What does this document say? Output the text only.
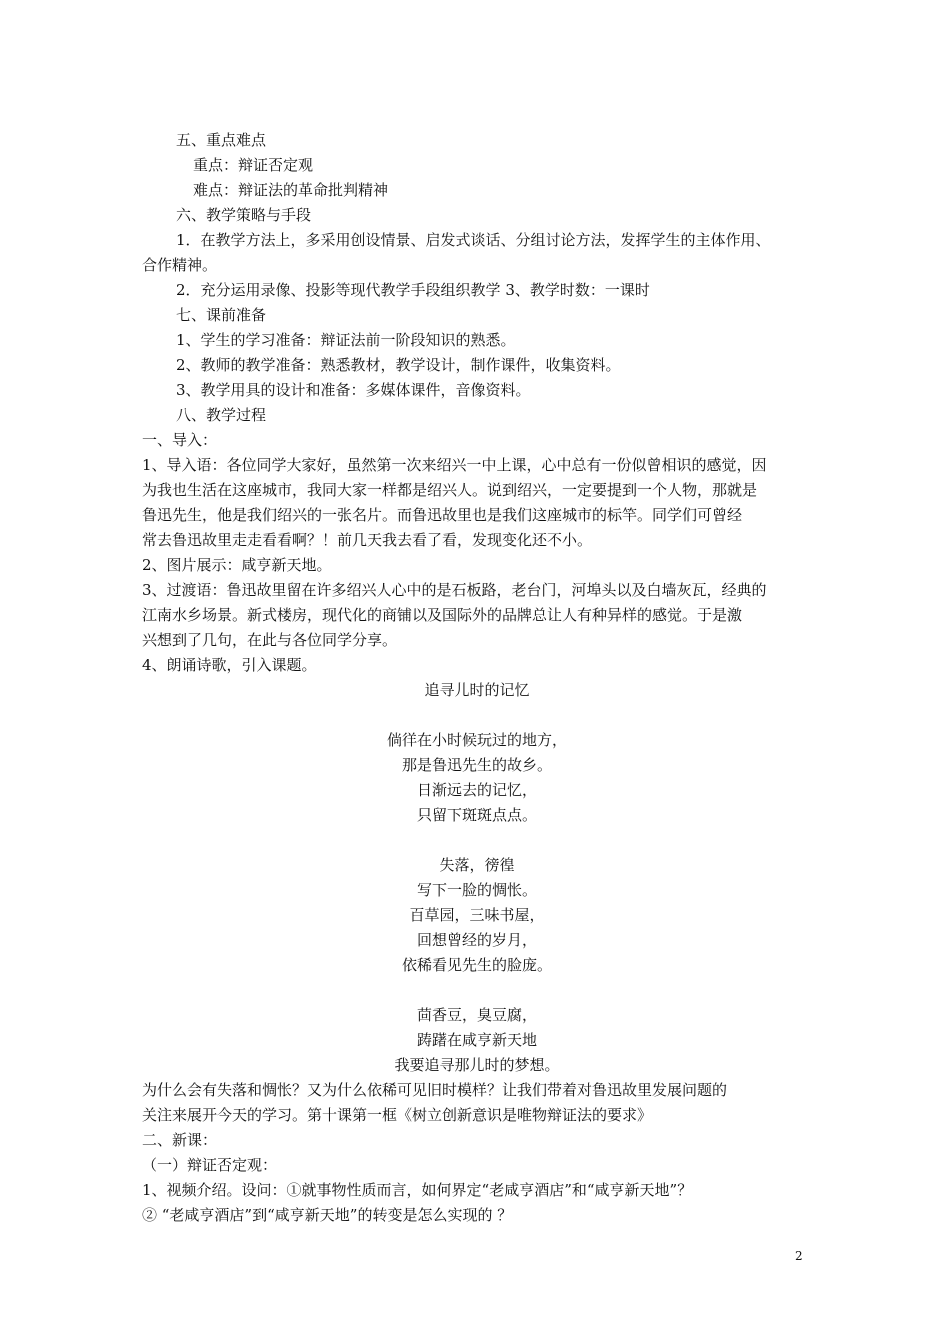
五、重点难点
重点：辩证否定观
难点：辩证法的革命批判精神
六、教学策略与手段
1．在教学方法上，多采用创设情景、启发式谈话、分组讨论方法，发挥学生的主体作用、
合作精神。
2．充分运用录像、投影等现代教学手段组织教学 3、教学时数：一课时
七、课前准备
1、学生的学习准备：辩证法前一阶段知识的熟悉。
2、教师的教学准备：熟悉教材，教学设计，制作课件，收集资料。
3、教学用具的设计和准备：多媒体课件，音像资料。
八、教学过程
一、导入：
1、导入语：各位同学大家好，虽然第一次来绍兴一中上课，心中总有一份似曾相识的感觉，因
为我也生活在这座城市，我同大家一样都是绍兴人。说到绍兴，一定要提到一个人物，那就是
鲁迅先生，他是我们绍兴的一张名片。而鲁迅故里也是我们这座城市的标竿。同学们可曾经
常去鲁迅故里走走看看啊？！前几天我去看了看，发现变化还不小。
2、图片展示：咸亨新天地。
3、过渡语：鲁迅故里留在许多绍兴人心中的是石板路，老台门，河埠头以及白墙灰瓦，经典的
江南水乡场景。新式楼房，现代化的商铺以及国际外的品牌总让人有种异样的感觉。于是激
兴想到了几句，在此与各位同学分享。
4、朗诵诗歌，引入课题。
追寻儿时的记忆
倘徉在小时候玩过的地方，
那是鲁迅先生的故乡。
日渐远去的记忆，
只留下斑斑点点。
失落，徬徨
写下一脸的惆怅。
百草园，三味书屋，
回想曾经的岁月，
依稀看见先生的脸庞。
茴香豆，臭豆腐，
踌躇在咸亨新天地
我要追寻那儿时的梦想。
为什么会有失落和惆怅？又为什么依稀可见旧时模样？让我们带着对鲁迅故里发展问题的
关注来展开今天的学习。第十课第一框《树立创新意识是唯物辩证法的要求》
二、新课：
（一）辩证否定观：
1、视频介绍。设问：①就事物性质而言，如何界定“老咸亨酒店”和“咸亨新天地”？
② “老咸亨酒店”到“咸亨新天地”的转变是怎么实现的 ？
2
